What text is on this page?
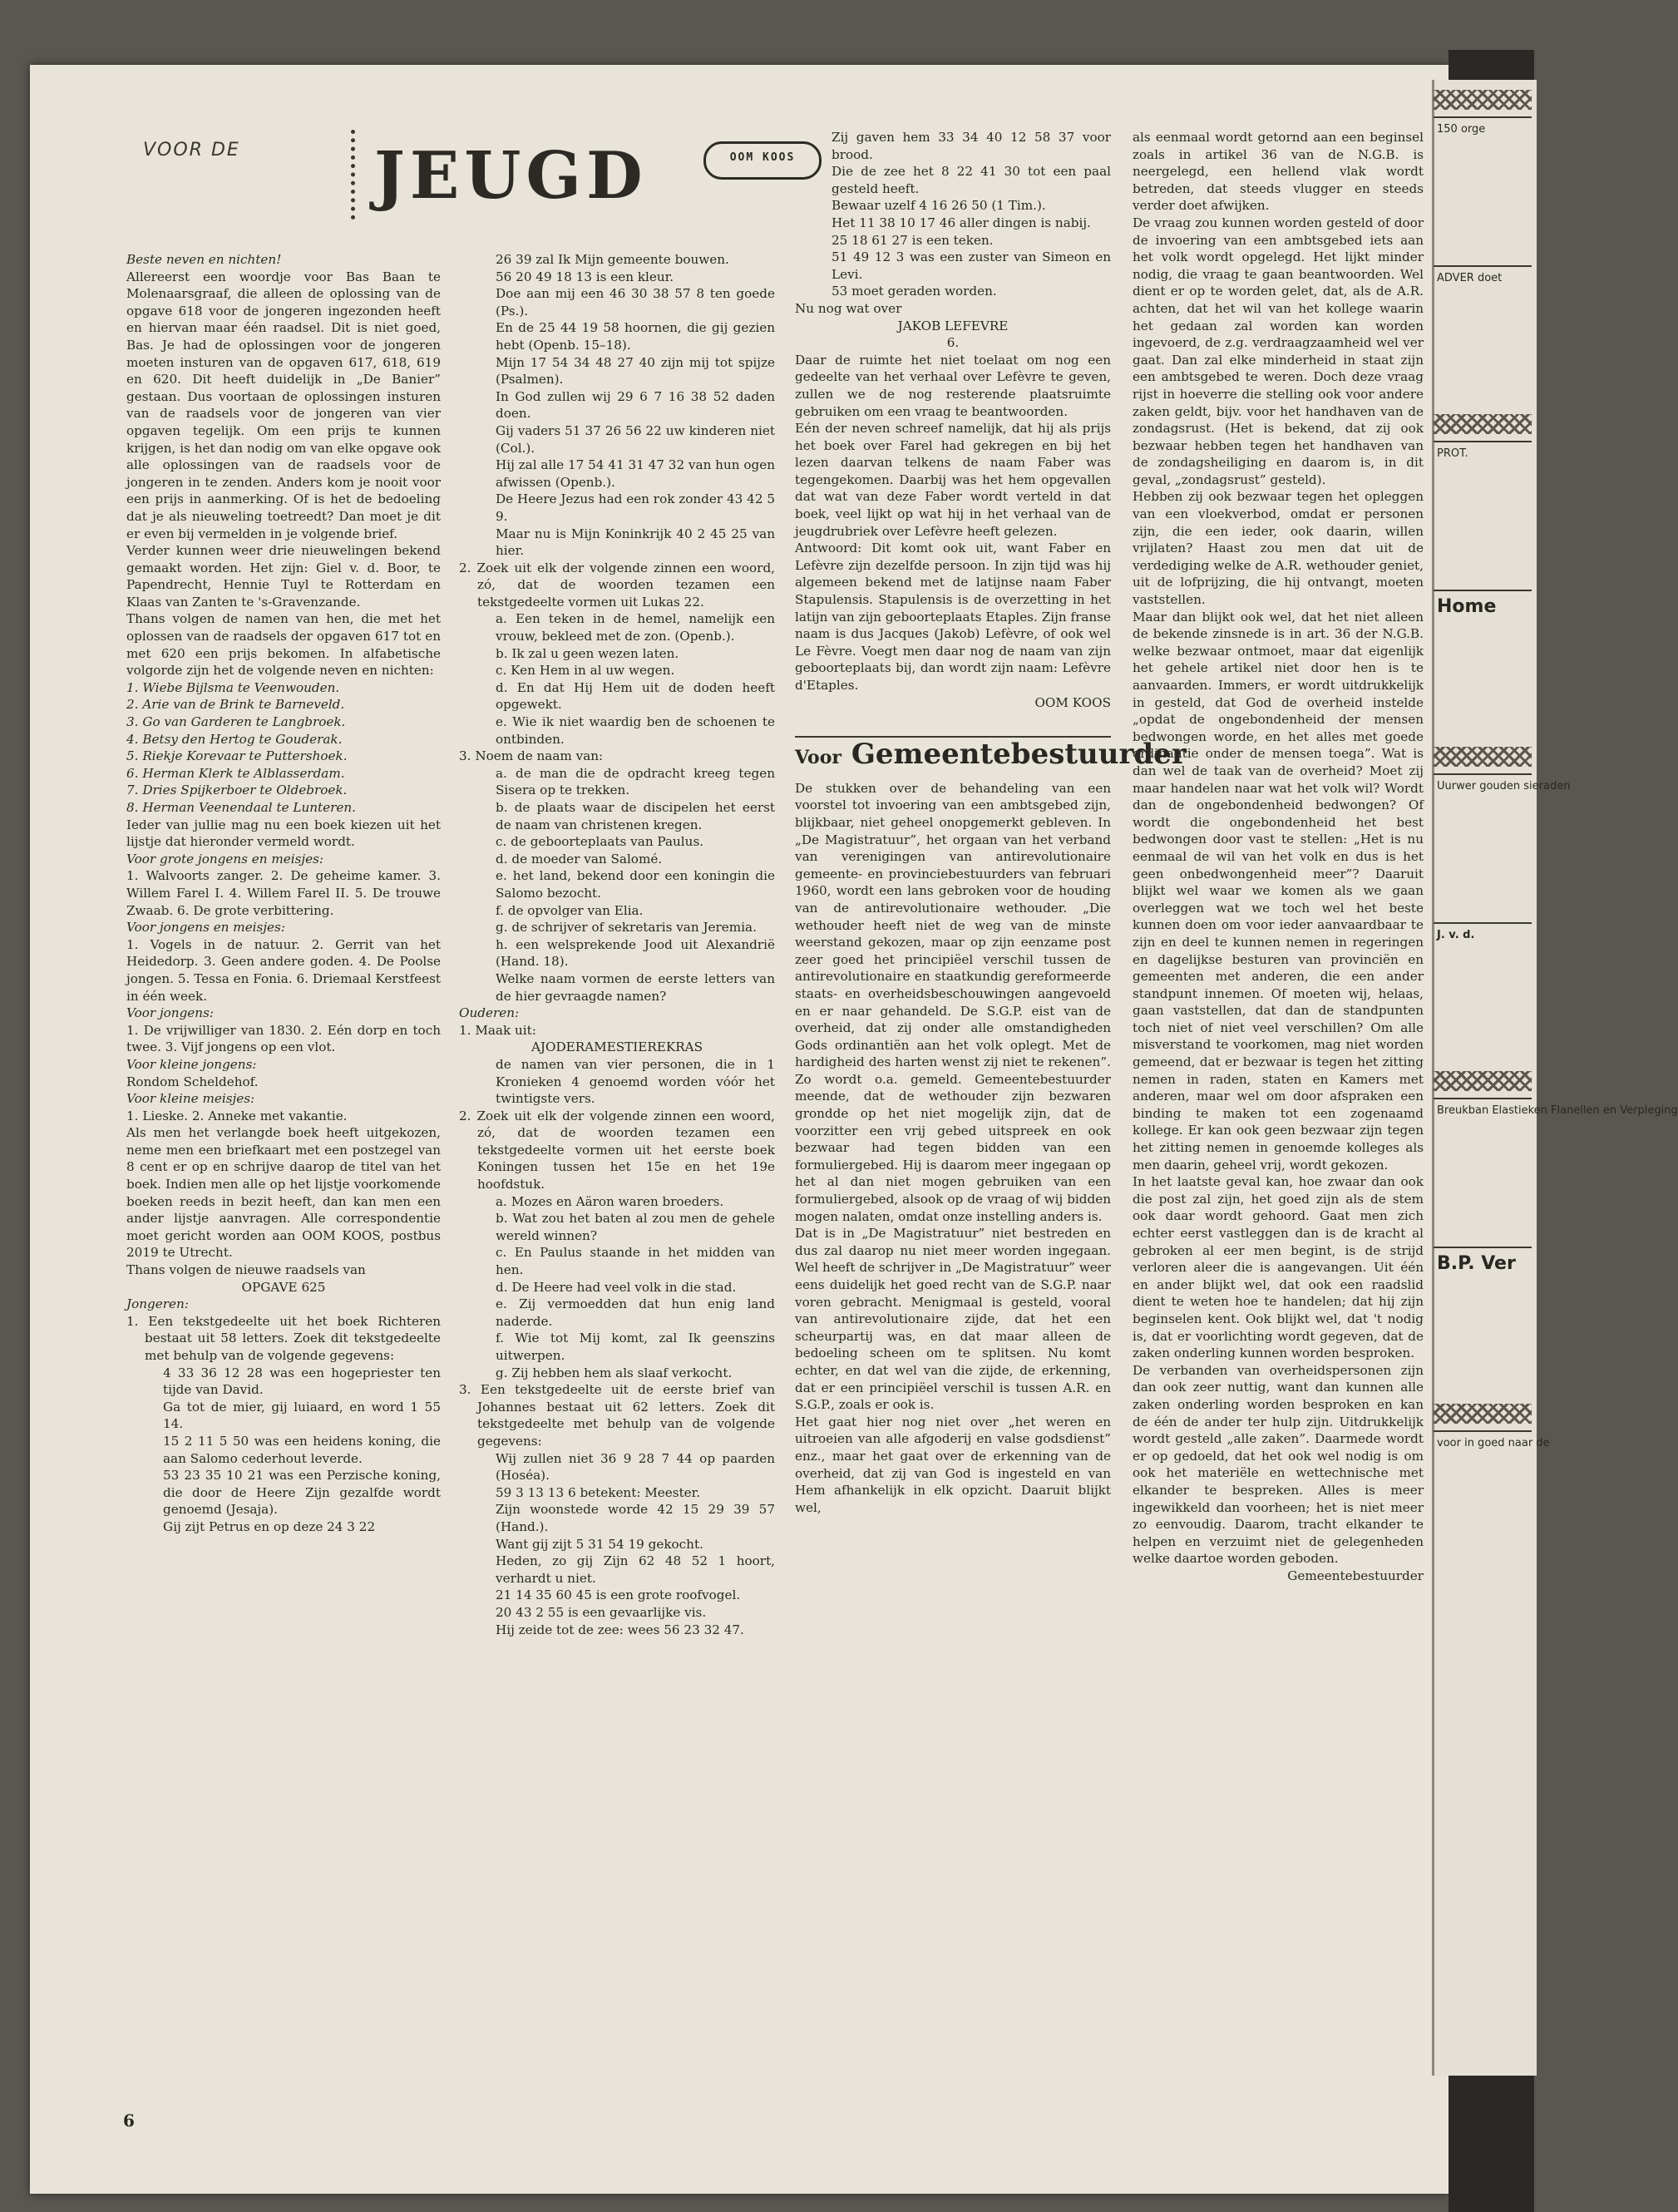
150 orge
ADVER doet
PROT.
Home
Uurwer gouden sieraden
J. v. d.
Breukban Elastieken Flanellen en Verpleging
B.P. Ver
voor in goed naar de
VOOR DE JEUGD	OOM KOOS

Beste neven en nichten!

Allereerst een woordje voor Bas Baan te Molenaarsgraaf, die alleen de oplossing van de opgave 618 voor de jongeren ingezonden heeft en hiervan maar één raadsel. Dit is niet goed, Bas. Je had de oplossingen voor de jongeren moeten insturen van de opgaven 617, 618, 619 en 620. Dit heeft duidelijk in „De Banier” gestaan. Dus voortaan de oplossingen insturen van de raadsels voor de jongeren van vier opgaven tegelijk. Om een prijs te kunnen krijgen, is het dan nodig om van elke opgave ook alle oplossingen van de raadsels voor de jongeren in te zenden. Anders kom je nooit voor een prijs in aanmerking. Of is het de bedoeling dat je als nieuweling toetreedt? Dan moet je dit er even bij vermelden in je volgende brief.

Verder kunnen weer drie nieuwelingen bekend gemaakt worden. Het zijn: Giel v. d. Boor, te Papendrecht, Hennie Tuyl te Rotterdam en Klaas van Zanten te 's-Gravenzande.

Thans volgen de namen van hen, die met het oplossen van de raadsels der opgaven 617 tot en met 620 een prijs bekomen. In alfabetische volgorde zijn het de volgende neven en nichten:

1. Wiebe Bijlsma te Veenwouden.

2. Arie van de Brink te Barneveld.

3. Go van Garderen te Langbroek.

4. Betsy den Hertog te Gouderak.

5. Riekje Korevaar te Puttershoek.

6. Herman Klerk te Alblasserdam.

7. Dries Spijkerboer te Oldebroek.

8. Herman Veenendaal te Lunteren.

Ieder van jullie mag nu een boek kiezen uit het lijstje dat hieronder vermeld wordt.

Voor grote jongens en meisjes:

1. Walvoorts zanger. 2. De geheime kamer. 3. Willem Farel I. 4. Willem Farel II. 5. De trouwe Zwaab. 6. De grote verbittering.

Voor jongens en meisjes:

1. Vogels in de natuur. 2. Gerrit van het Heidedorp. 3. Geen andere goden. 4. De Poolse jongen. 5. Tessa en Fonia. 6. Driemaal Kerstfeest in één week.

Voor jongens:

1. De vrijwilliger van 1830. 2. Eén dorp en toch twee. 3. Vijf jongens op een vlot.

Voor kleine jongens:

Rondom Scheldehof.

Voor kleine meisjes:

1. Lieske. 2. Anneke met vakantie.

Als men het verlangde boek heeft uitgekozen, neme men een briefkaart met een postzegel van 8 cent er op en schrijve daarop de titel van het boek. Indien men alle op het lijstje voorkomende boeken reeds in bezit heeft, dan kan men een ander lijstje aanvragen. Alle correspondentie moet gericht worden aan OOM KOOS, postbus 2019 te Utrecht.

Thans volgen de nieuwe raadsels van

OPGAVE 625

Jongeren:

1. Een tekstgedeelte uit het boek Richteren bestaat uit 58 letters. Zoek dit tekstgedeelte met behulp van de volgende gegevens:

4 33 36 12 28 was een hogepriester ten tijde van David.

Ga tot de mier, gij luiaard, en word 1 55 14.

15 2 11 5 50 was een heidens koning, die aan Salomo cederhout leverde.

53 23 35 10 21 was een Perzische koning, die door de Heere Zijn gezalfde wordt genoemd (Jesaja).

Gij zijt Petrus en op deze 24 3 22

26 39 zal Ik Mijn gemeente bouwen.

56 20 49 18 13 is een kleur.

Doe aan mij een 46 30 38 57 8 ten goede (Ps.).

En de 25 44 19 58 hoornen, die gij gezien hebt (Openb. 15–18).

Mijn 17 54 34 48 27 40 zijn mij tot spijze (Psalmen).

In God zullen wij 29 6 7 16 38 52 daden doen.

Gij vaders 51 37 26 56 22 uw kinderen niet (Col.).

Hij zal alle 17 54 41 31 47 32 van hun ogen afwissen (Openb.).

De Heere Jezus had een rok zonder 43 42 5 9.

Maar nu is Mijn Koninkrijk 40 2 45 25 van hier.

2. Zoek uit elk der volgende zinnen een woord, zó, dat de woorden tezamen een tekstgedeelte vormen uit Lukas 22.

a. Een teken in de hemel, namelijk een vrouw, bekleed met de zon. (Openb.).

b. Ik zal u geen wezen laten.

c. Ken Hem in al uw wegen.

d. En dat Hij Hem uit de doden heeft opgewekt.

e. Wie ik niet waardig ben de schoenen te ontbinden.

3. Noem de naam van:

a. de man die de opdracht kreeg tegen Sisera op te trekken.

b. de plaats waar de discipelen het eerst de naam van christenen kregen.

c. de geboorteplaats van Paulus.

d. de moeder van Salomé.

e. het land, bekend door een koningin die Salomo bezocht.

f. de opvolger van Elia.

g. de schrijver of sekretaris van Jeremia.

h. een welsprekende Jood uit Alexandrië (Hand. 18).

Welke naam vormen de eerste letters van de hier gevraagde namen?

Ouderen:

1. Maak uit:

AJODERAMESTIEREKRAS

de namen van vier personen, die in 1 Kronieken 4 genoemd worden vóór het twintigste vers.

2. Zoek uit elk der volgende zinnen een woord, zó, dat de woorden tezamen een tekstgedeelte vormen uit het eerste boek Koningen tussen het 15e en het 19e hoofdstuk.

a. Mozes en Aäron waren broeders.

b. Wat zou het baten al zou men de gehele wereld winnen?

c. En Paulus staande in het midden van hen.

d. De Heere had veel volk in die stad.

e. Zij vermoedden dat hun enig land naderde.

f. Wie tot Mij komt, zal Ik geenszins uitwerpen.

g. Zij hebben hem als slaaf verkocht.

3. Een tekstgedeelte uit de eerste brief van Johannes bestaat uit 62 letters. Zoek dit tekstgedeelte met behulp van de volgende gegevens:

Wij zullen niet 36 9 28 7 44 op paarden (Hoséa).

59 3 13 13 6 betekent: Meester.

Zijn woonstede worde 42 15 29 39 57 (Hand.).

Want gij zijt 5 31 54 19 gekocht.

Heden, zo gij Zijn 62 48 52 1 hoort, verhardt u niet.

21 14 35 60 45 is een grote roofvogel.

20 43 2 55 is een gevaarlijke vis.

Hij zeide tot de zee: wees 56 23 32 47.

Zij gaven hem 33 34 40 12 58 37 voor brood.

Die de zee het 8 22 41 30 tot een paal gesteld heeft.

Bewaar uzelf 4 16 26 50 (1 Tim.).

Het 11 38 10 17 46 aller dingen is nabij.

25 18 61 27 is een teken.

51 49 12 3 was een zuster van Simeon en Levi.

53 moet geraden worden.

Nu nog wat over

JAKOB LEFEVRE

6.

Daar de ruimte het niet toelaat om nog een gedeelte van het verhaal over Lefèvre te geven, zullen we de nog resterende plaatsruimte gebruiken om een vraag te beantwoorden.

Eén der neven schreef namelijk, dat hij als prijs het boek over Farel had gekregen en bij het lezen daarvan telkens de naam Faber was tegengekomen. Daarbij was het hem opgevallen dat wat van deze Faber wordt verteld in dat boek, veel lijkt op wat hij in het verhaal van de jeugdrubriek over Lefèvre heeft gelezen.

Antwoord: Dit komt ook uit, want Faber en Lefèvre zijn dezelfde persoon. In zijn tijd was hij algemeen bekend met de latijnse naam Faber Stapulensis. Stapulensis is de overzetting in het latijn van zijn geboorteplaats Etaples. Zijn franse naam is dus Jacques (Jakob) Lefèvre, of ook wel Le Fèvre. Voegt men daar nog de naam van zijn geboorteplaats bij, dan wordt zijn naam: Lefèvre d'Etaples.

OOM KOOS

Voor Gemeentebestuurder

De stukken over de behandeling van een voorstel tot invoering van een ambtsgebed zijn, blijkbaar, niet geheel onopgemerkt gebleven. In „De Magistratuur”, het orgaan van het verband van verenigingen van antirevolutionaire gemeente- en provinciebestuurders van februari 1960, wordt een lans gebroken voor de houding van de antirevolutionaire wethouder. „Die wethouder heeft niet de weg van de minste weerstand gekozen, maar op zijn eenzame post zeer goed het principiëel verschil tussen de antirevolutionaire en staatkundig gereformeerde staats- en overheidsbeschouwingen aangevoeld en er naar gehandeld. De S.G.P. eist van de overheid, dat zij onder alle omstandigheden Gods ordinantiën aan het volk oplegt. Met de hardigheid des harten wenst zij niet te rekenen”. Zo wordt o.a. gemeld. Gemeentebestuurder meende, dat de wethouder zijn bezwaren grondde op het niet mogelijk zijn, dat de voorzitter een vrij gebed uitspreek en ook bezwaar had tegen bidden van een formuliergebed. Hij is daarom meer ingegaan op het al dan niet mogen gebruiken van een formuliergebed, alsook op de vraag of wij bidden mogen nalaten, omdat onze instelling anders is.

Dat is in „De Magistratuur” niet bestreden en dus zal daarop nu niet meer worden ingegaan. Wel heeft de schrijver in „De Magistratuur” weer eens duidelijk het goed recht van de S.G.P. naar voren gebracht. Menigmaal is gesteld, vooral van antirevolutionaire zijde, dat het een scheurpartij was, en dat maar alleen de bedoeling scheen om te splitsen. Nu komt echter, en dat wel van die zijde, de erkenning, dat er een principiëel verschil is tussen A.R. en S.G.P., zoals er ook is.

Het gaat hier nog niet over „het weren en uitroeien van alle afgoderij en valse godsdienst” enz., maar het gaat over de erkenning van de overheid, dat zij van God is ingesteld en van Hem afhankelijk in elk opzicht. Daaruit blijkt wel,

als eenmaal wordt getornd aan een beginsel zoals in artikel 36 van de N.G.B. is neergelegd, een hellend vlak wordt betreden, dat steeds vlugger en steeds verder doet afwijken.

De vraag zou kunnen worden gesteld of door de invoering van een ambtsgebed iets aan het volk wordt opgelegd. Het lijkt minder nodig, die vraag te gaan beantwoorden. Wel dient er op te worden gelet, dat, als de A.R. achten, dat het wil van het kollege waarin het gedaan zal worden kan worden ingevoerd, de z.g. verdraagzaamheid wel ver gaat. Dan zal elke minderheid in staat zijn een ambtsgebed te weren. Doch deze vraag rijst in hoeverre die stelling ook voor andere zaken geldt, bijv. voor het handhaven van de zondagsrust. (Het is bekend, dat zij ook bezwaar hebben tegen het handhaven van de zondagsheiliging en daarom is, in dit geval, „zondagsrust” gesteld).

Hebben zij ook bezwaar tegen het opleggen van een vloekverbod, omdat er personen zijn, die een ieder, ook daarin, willen vrijlaten? Haast zou men dat uit de verdediging welke de A.R. wethouder geniet, uit de lofprijzing, die hij ontvangt, moeten vaststellen.

Maar dan blijkt ook wel, dat het niet alleen de bekende zinsnede is in art. 36 der N.G.B. welke bezwaar ontmoet, maar dat eigenlijk het gehele artikel niet door hen is te aanvaarden. Immers, er wordt uitdrukkelijk in gesteld, dat God de overheid instelde „opdat de ongebondenheid der mensen bedwongen worde, en het alles met goede ordinantie onder de mensen toega”. Wat is dan wel de taak van de overheid? Moet zij maar handelen naar wat het volk wil? Wordt dan de ongebondenheid bedwongen? Of wordt die ongebondenheid het best bedwongen door vast te stellen: „Het is nu eenmaal de wil van het volk en dus is het geen onbedwongenheid meer”? Daaruit blijkt wel waar we komen als we gaan overleggen wat we toch wel het beste kunnen doen om voor ieder aanvaardbaar te zijn en deel te kunnen nemen in regeringen en dagelijkse besturen van provinciën en gemeenten met anderen, die een ander standpunt innemen. Of moeten wij, helaas, gaan vaststellen, dat dan de standpunten toch niet of niet veel verschillen? Om alle misverstand te voorkomen, mag niet worden gemeend, dat er bezwaar is tegen het zitting nemen in raden, staten en Kamers met anderen, maar wel om door afspraken een binding te maken tot een zogenaamd kollege. Er kan ook geen bezwaar zijn tegen het zitting nemen in genoemde kolleges als men daarin, geheel vrij, wordt gekozen.

In het laatste geval kan, hoe zwaar dan ook die post zal zijn, het goed zijn als de stem ook daar wordt gehoord. Gaat men zich echter eerst vastleggen dan is de kracht al gebroken al eer men begint, is de strijd verloren aleer die is aangevangen. Uit één en ander blijkt wel, dat ook een raadslid dient te weten hoe te handelen; dat hij zijn beginselen kent. Ook blijkt wel, dat 't nodig is, dat er voorlichting wordt gegeven, dat de zaken onderling kunnen worden besproken.

De verbanden van overheidspersonen zijn dan ook zeer nuttig, want dan kunnen alle zaken onderling worden besproken en kan de één de ander ter hulp zijn. Uitdrukkelijk wordt gesteld „alle zaken”. Daarmede wordt er op gedoeld, dat het ook wel nodig is om ook het materiële en wettechnische met elkander te bespreken. Alles is meer ingewikkeld dan voorheen; het is niet meer zo eenvoudig. Daarom, tracht elkander te helpen en verzuimt niet de gelegenheden welke daartoe worden geboden.

Gemeentebestuurder

6
